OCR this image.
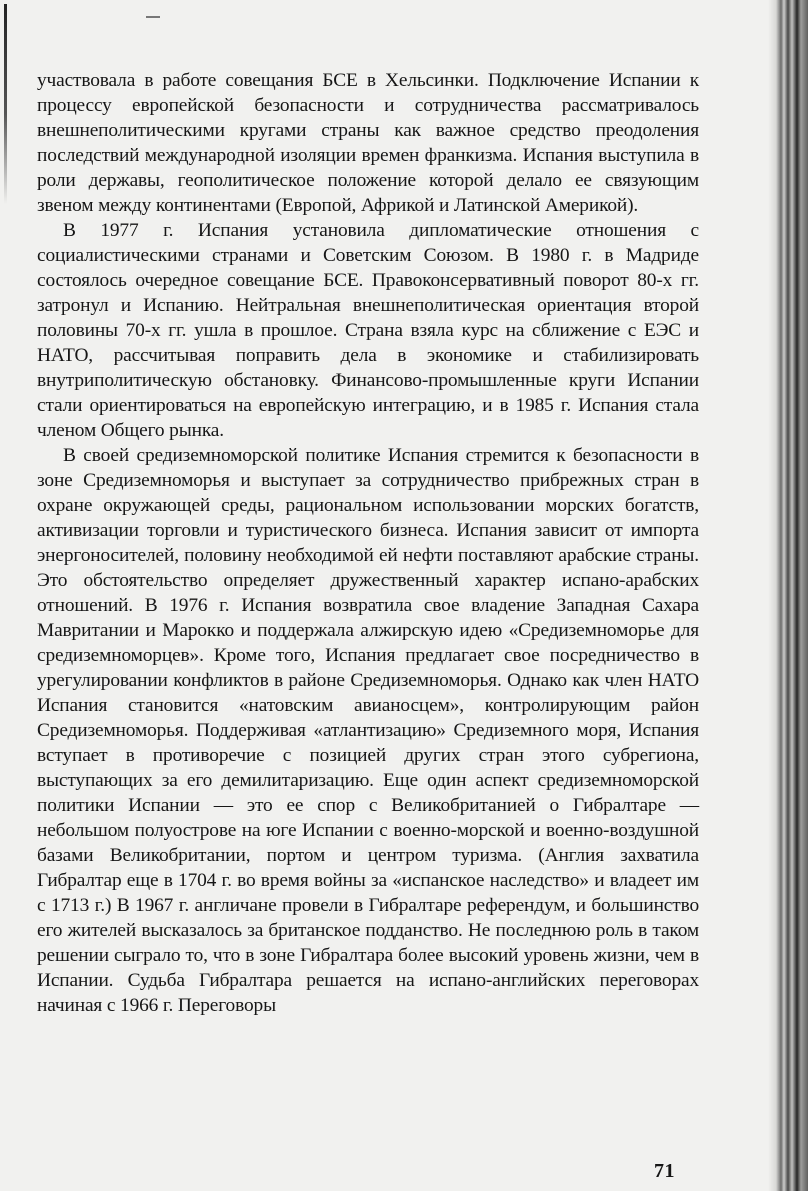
участвовала в работе совещания БСЕ в Хельсинки. Подключение Испании к процессу европейской безопасности и сотрудничества рассматривалось внешнеполитическими кругами страны как важное средство преодоления последствий международной изоляции времен франкизма. Испания выступила в роли державы, геополитическое положение которой делало ее связующим звеном между континентами (Европой, Африкой и Латинской Америкой).

В 1977 г. Испания установила дипломатические отношения с социалистическими странами и Советским Союзом. В 1980 г. в Мадриде состоялось очередное совещание БСЕ. Правоконсервативный поворот 80-х гг. затронул и Испанию. Нейтральная внешнеполитическая ориентация второй половины 70-х гг. ушла в прошлое. Страна взяла курс на сближение с ЕЭС и НАТО, рассчитывая поправить дела в экономике и стабилизировать внутриполитическую обстановку. Финансово-промышленные круги Испании стали ориентироваться на европейскую интеграцию, и в 1985 г. Испания стала членом Общего рынка.

В своей средиземноморской политике Испания стремится к безопасности в зоне Средиземноморья и выступает за сотрудничество прибрежных стран в охране окружающей среды, рациональном использовании морских богатств, активизации торговли и туристического бизнеса. Испания зависит от импорта энергоносителей, половину необходимой ей нефти поставляют арабские страны. Это обстоятельство определяет дружественный характер испано-арабских отношений. В 1976 г. Испания возвратила свое владение Западная Сахара Мавритании и Марокко и поддержала алжирскую идею «Средиземноморье для средиземноморцев». Кроме того, Испания предлагает свое посредничество в урегулировании конфликтов в районе Средиземноморья. Однако как член НАТО Испания становится «натовским авианосцем», контролирующим район Средиземноморья. Поддерживая «атлантизацию» Средиземного моря, Испания вступает в противоречие с позицией других стран этого субрегиона, выступающих за его демилитаризацию. Еще один аспект средиземноморской политики Испании — это ее спор с Великобританией о Гибралтаре — небольшом полуострове на юге Испании с военно-морской и военно-воздушной базами Великобритании, портом и центром туризма. (Англия захватила Гибралтар еще в 1704 г. во время войны за «испанское наследство» и владеет им с 1713 г.) В 1967 г. англичане провели в Гибралтаре референдум, и большинство его жителей высказалось за британское подданство. Не последнюю роль в таком решении сыграло то, что в зоне Гибралтара более высокий уровень жизни, чем в Испании. Судьба Гибралтара решается на испано-английских переговорах начиная с 1966 г. Переговоры

71
